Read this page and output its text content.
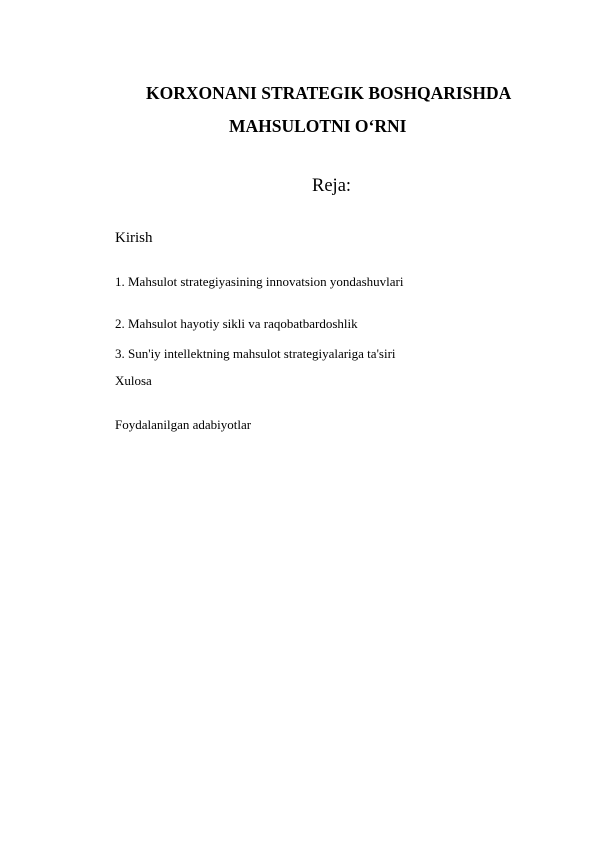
KORXONANI STRATEGIK BOSHQARISHDA
MAHSULOTNI O‘RNI
Reja:
Kirish
1. Mahsulot strategiyasining innovatsion yondashuvlari
2. Mahsulot hayotiy sikli va raqobatbardoshlik
3. Sun'iy intellektning mahsulot strategiyalariga ta'siri
Xulosa
Foydalanilgan adabiyotlar
